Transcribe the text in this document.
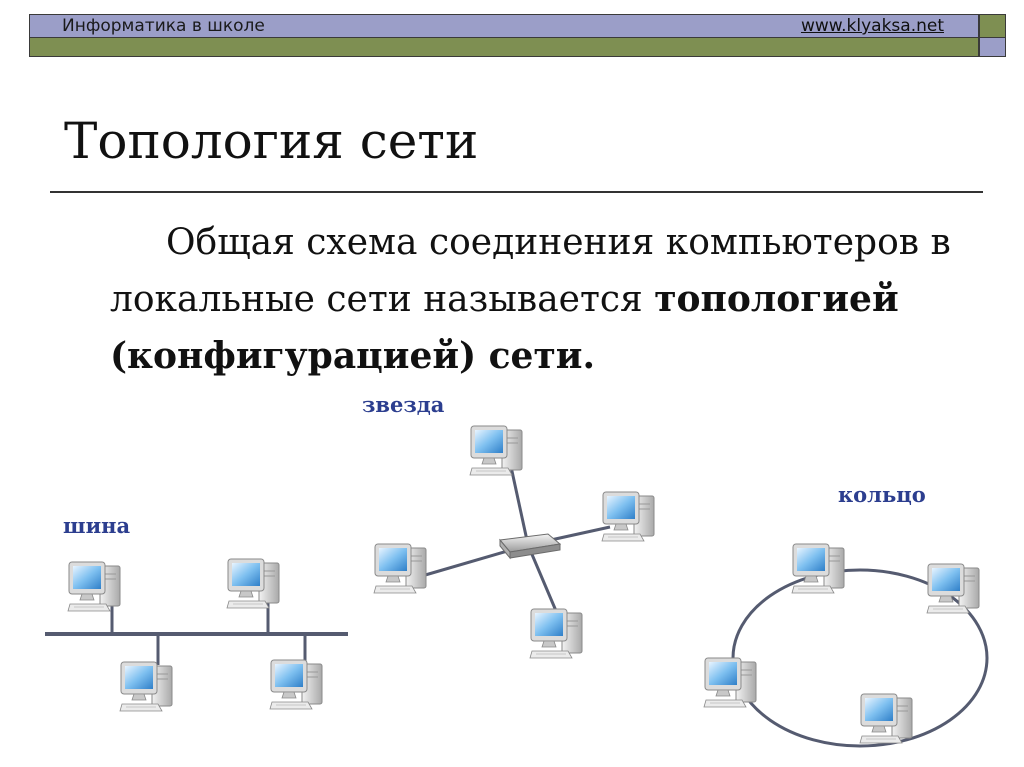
Информатика в школе	www.klyaksa.net
Топология сети
Общая схема соединения компьютеров в локальные сети называется топологией (конфигурацией) сети.
звезда
кольцо
шина
